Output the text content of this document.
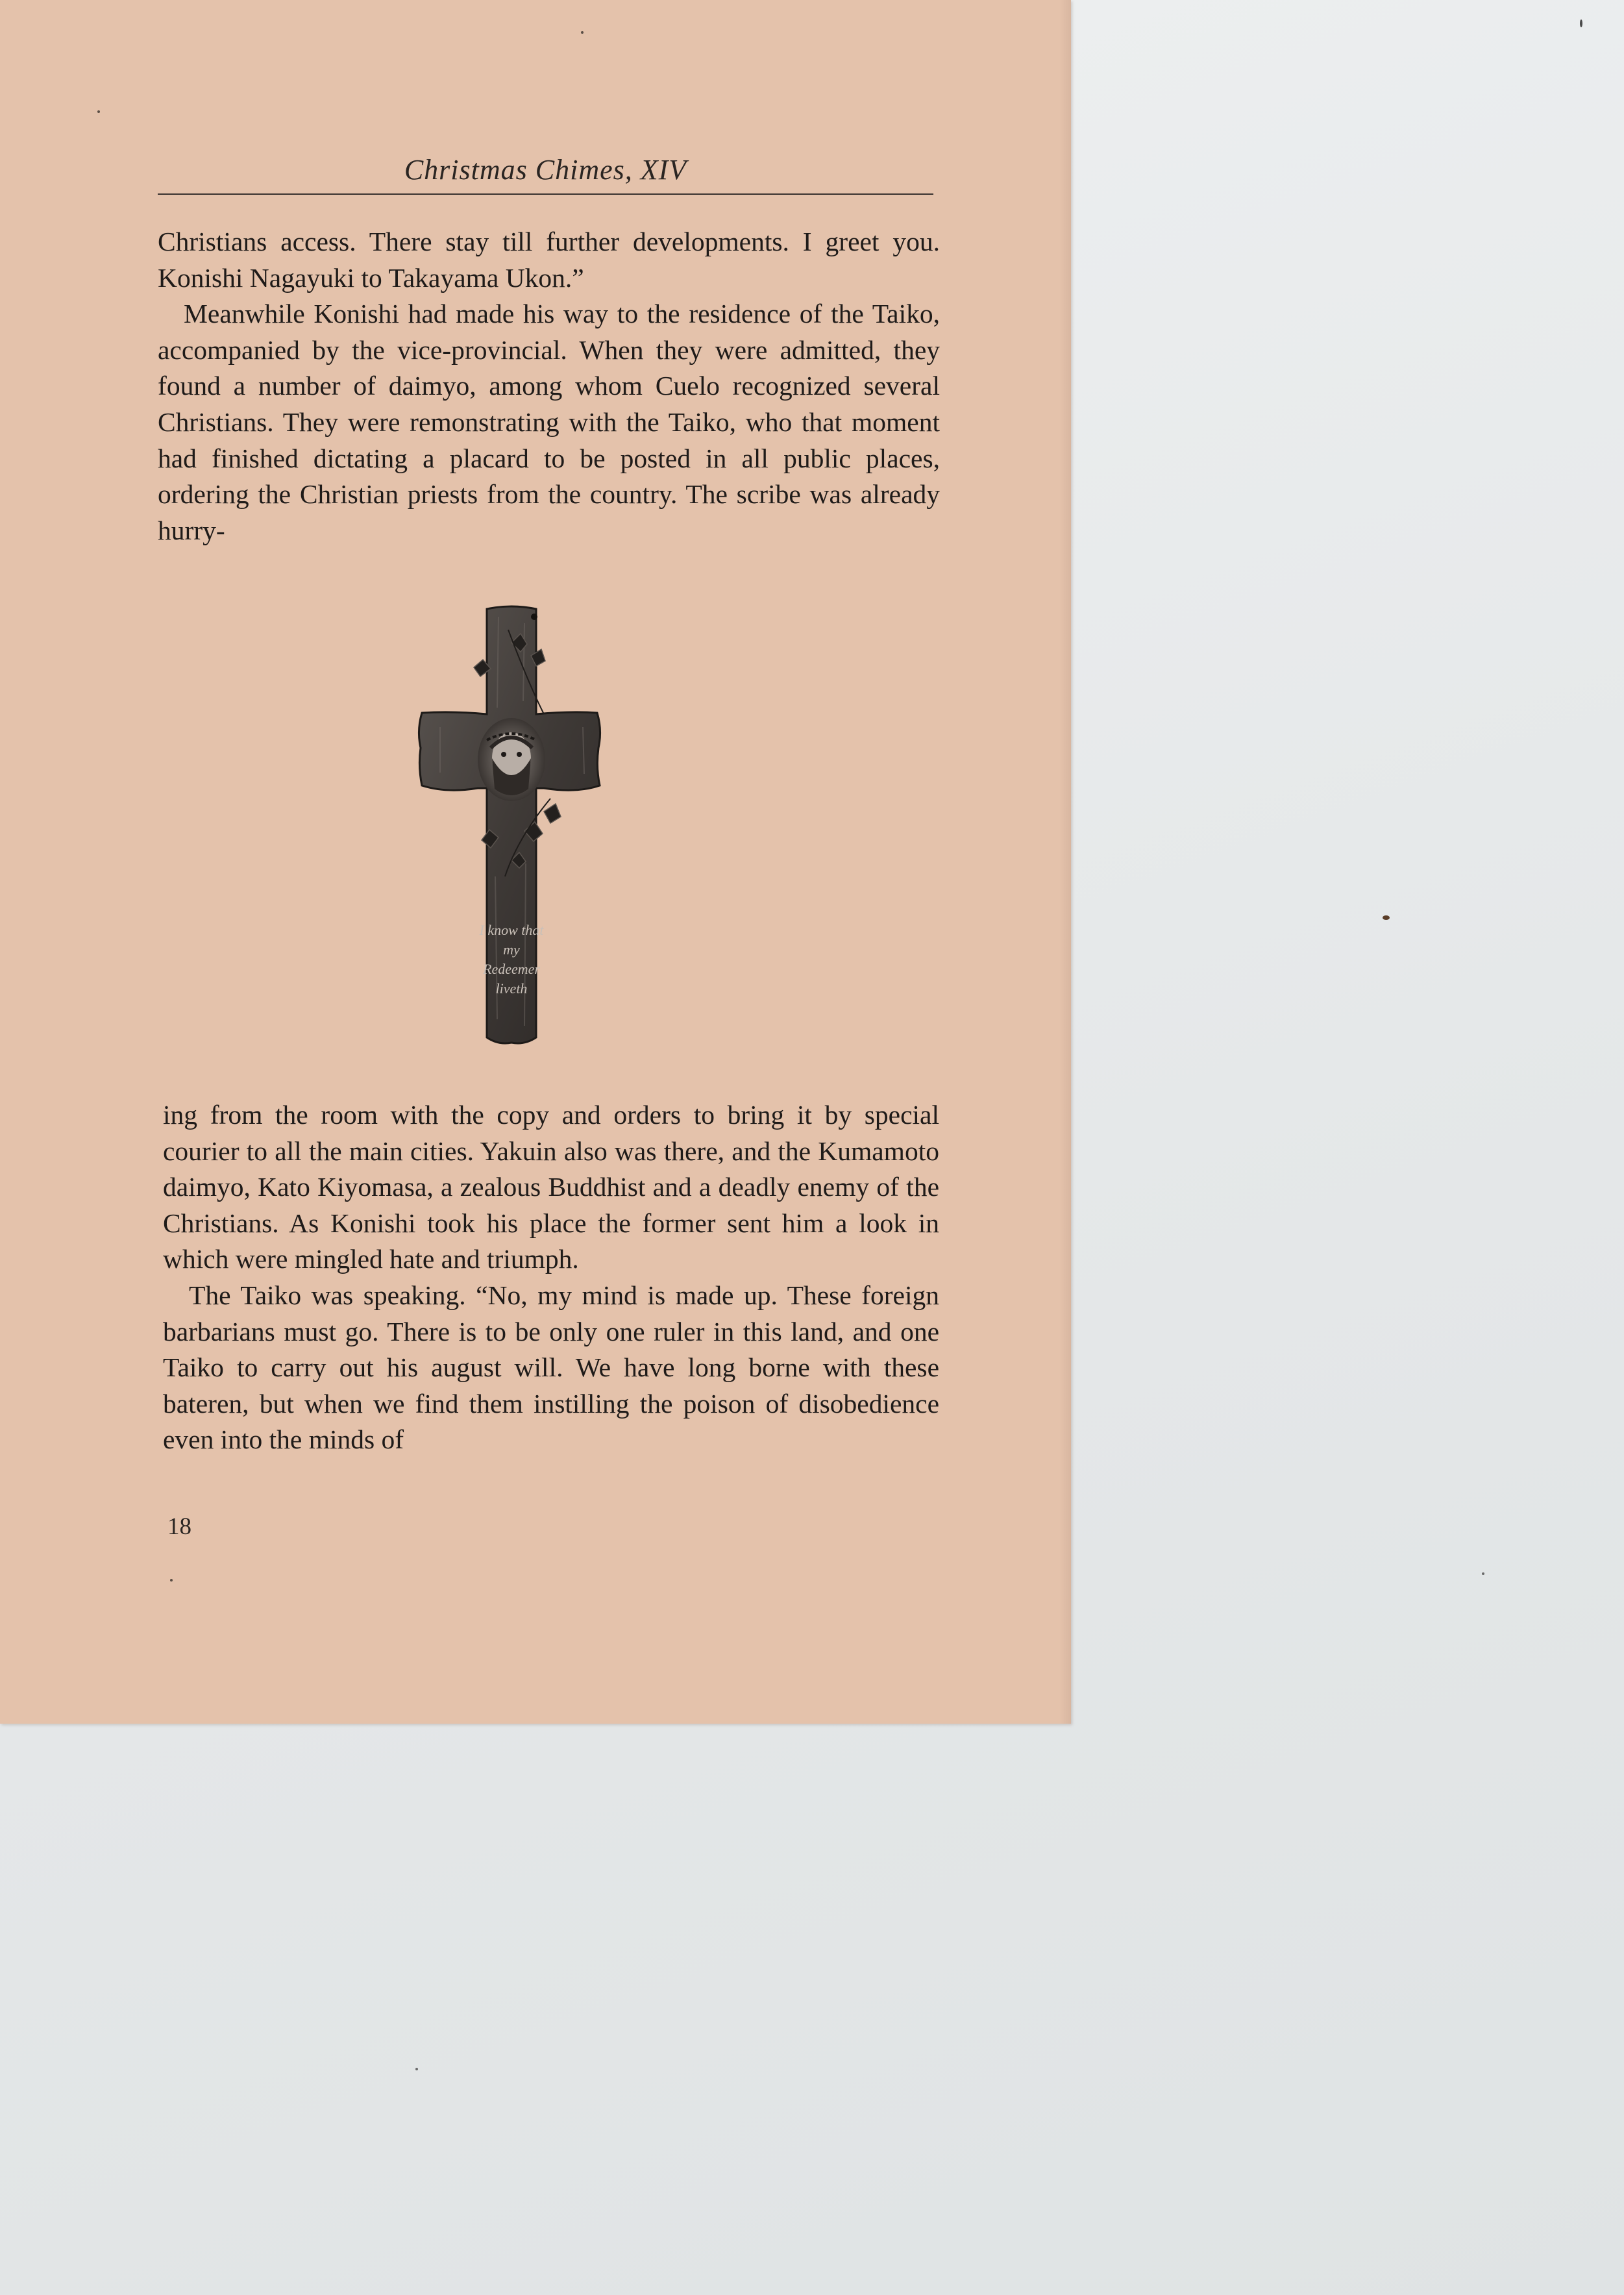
Christmas Chimes, XIV

Christians access. There stay till further developments. I greet you. Konishi Nagayuki to Takayama Ukon.”

Meanwhile Konishi had made his way to the residence of the Taiko, accompanied by the vice-provincial. When they were admitted, they found a number of daimyo, among whom Cuelo recognized several Christians. They were remonstrating with the Taiko, who that moment had finished dictating a placard to be posted in all public places, ordering the Christian priests from the country. The scribe was already hurry-

I know that
my
Redeemer
liveth

ing from the room with the copy and orders to bring it by special courier to all the main cities. Yakuin also was there, and the Kumamoto daimyo, Kato Kiyomasa, a zealous Buddhist and a deadly enemy of the Christians. As Konishi took his place the former sent him a look in which were mingled hate and triumph.

The Taiko was speaking. “No, my mind is made up. These foreign barbarians must go. There is to be only one ruler in this land, and one Taiko to carry out his august will. We have long borne with these bateren, but when we find them instilling the poison of disobedience even into the minds of

18
